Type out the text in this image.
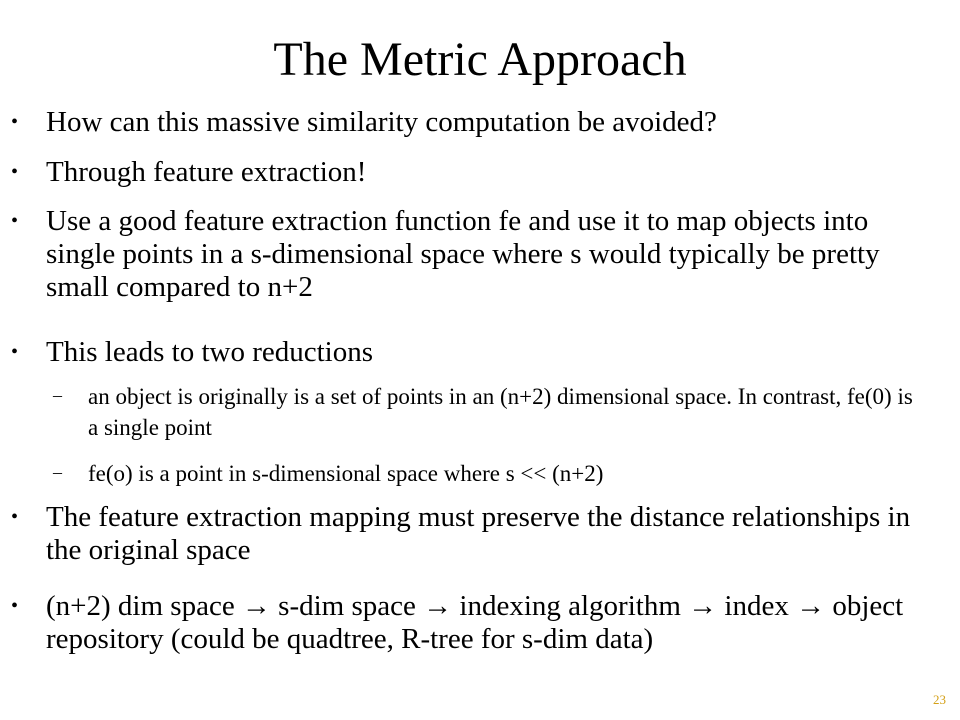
The Metric Approach
• How can this massive similarity computation be avoided?
• Through feature extraction!
• Use a good feature extraction function fe and use it to map objects into single points in a s-dimensional space where s would typically be pretty small compared to n+2
• This leads to two reductions
– an object is originally is a set of points in an (n+2) dimensional space. In contrast, fe(0) is a single point
– fe(o) is a point in s-dimensional space where s << (n+2)
• The feature extraction mapping must preserve the distance relationships in the original space
• (n+2) dim space → s-dim space → indexing algorithm → index → object repository (could be quadtree, R-tree for s-dim data)
23
